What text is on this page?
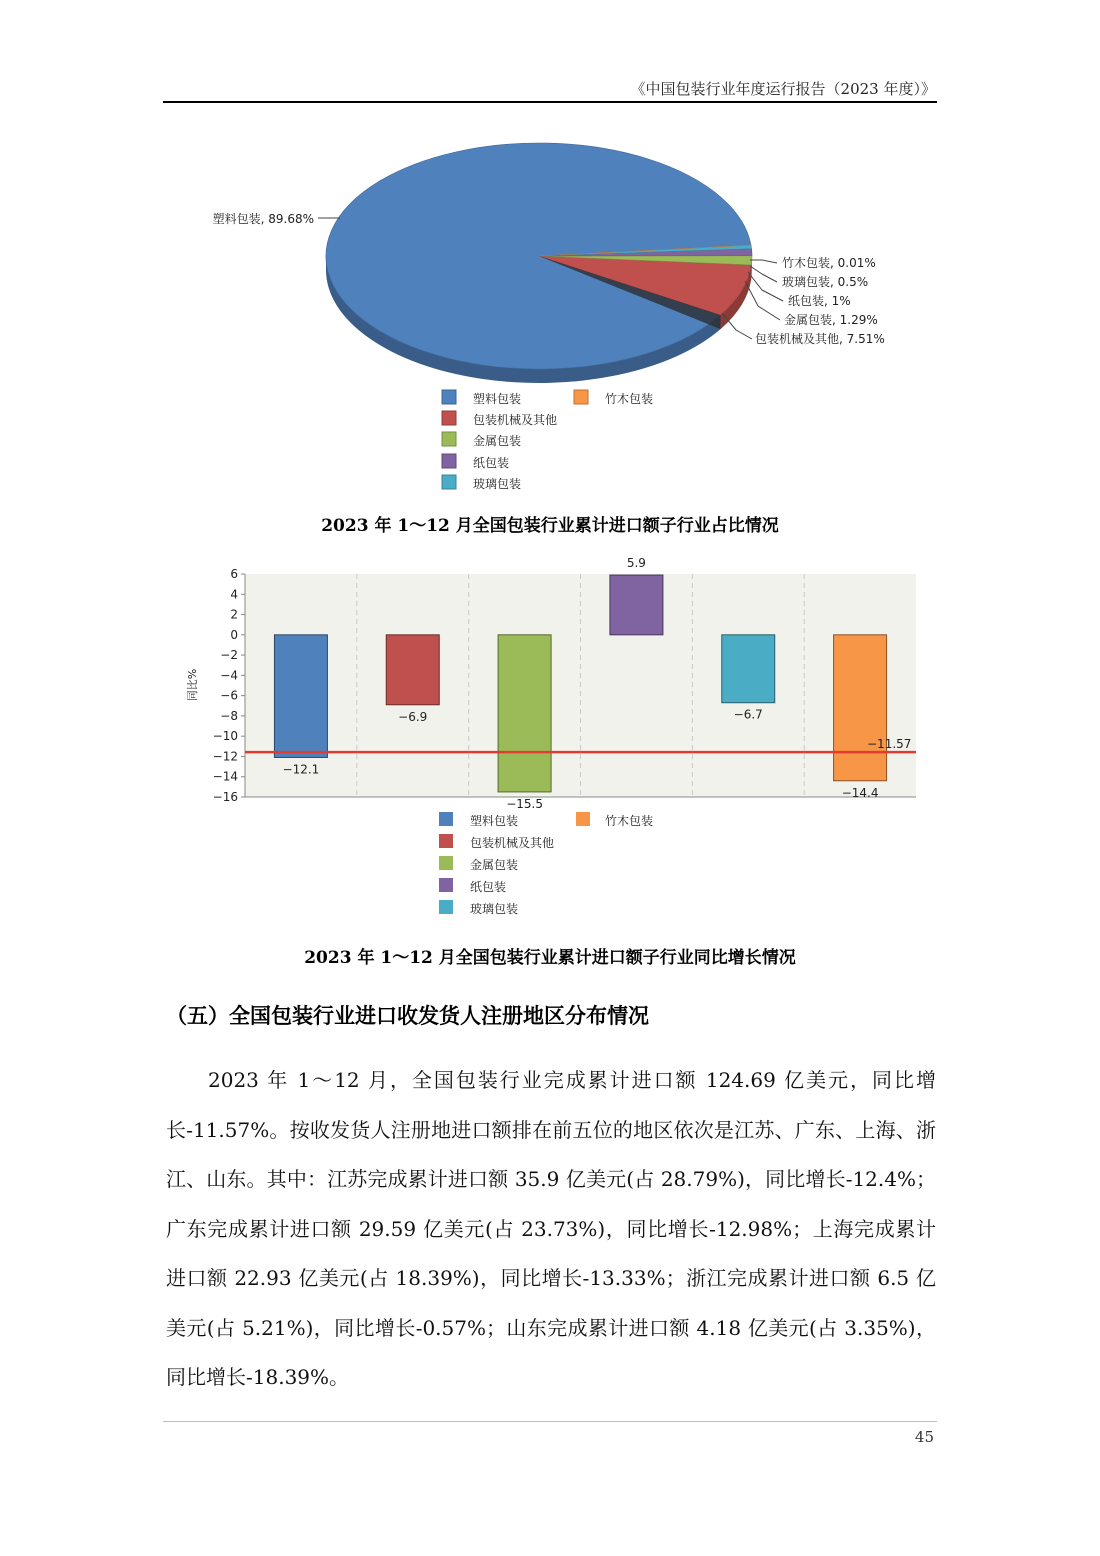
《中国包装行业年度运行报告（2023 年度）》
塑料包装, 89.68%
竹木包装, 0.01%
玻璃包装, 0.5%
纸包装, 1%
金属包装, 1.29%
包装机械及其他, 7.51%
塑料包装	竹木包装
包装机械及其他
金属包装
纸包装
玻璃包装
2023 年 1～12 月全国包装行业累计进口额子行业占比情况
6
4
2
0
−2
−4
−6
−8
−10
−12
−14
−16
−12.1
−6.9
−15.5
5.9
−6.7
−14.4
−11.57
同比%
塑料包装	竹木包装
包装机械及其他
金属包装
纸包装
玻璃包装
2023 年 1～12 月全国包装行业累计进口额子行业同比增长情况
（五）全国包装行业进口收发货人注册地区分布情况
2023 年 1～12 月，全国包装行业完成累计进口额 124.69 亿美元，同比增长-11.57%。按收发货人注册地进口额排在前五位的地区依次是江苏、广东、上海、浙江、山东。其中：江苏完成累计进口额 35.9 亿美元(占 28.79%)，同比增长-12.4%；广东完成累计进口额 29.59 亿美元(占 23.73%)，同比增长-12.98%；上海完成累计进口额 22.93 亿美元(占 18.39%)，同比增长-13.33%；浙江完成累计进口额 6.5 亿美元(占 5.21%)，同比增长-0.57%；山东完成累计进口额 4.18 亿美元(占 3.35%)，同比增长-18.39%。
45
